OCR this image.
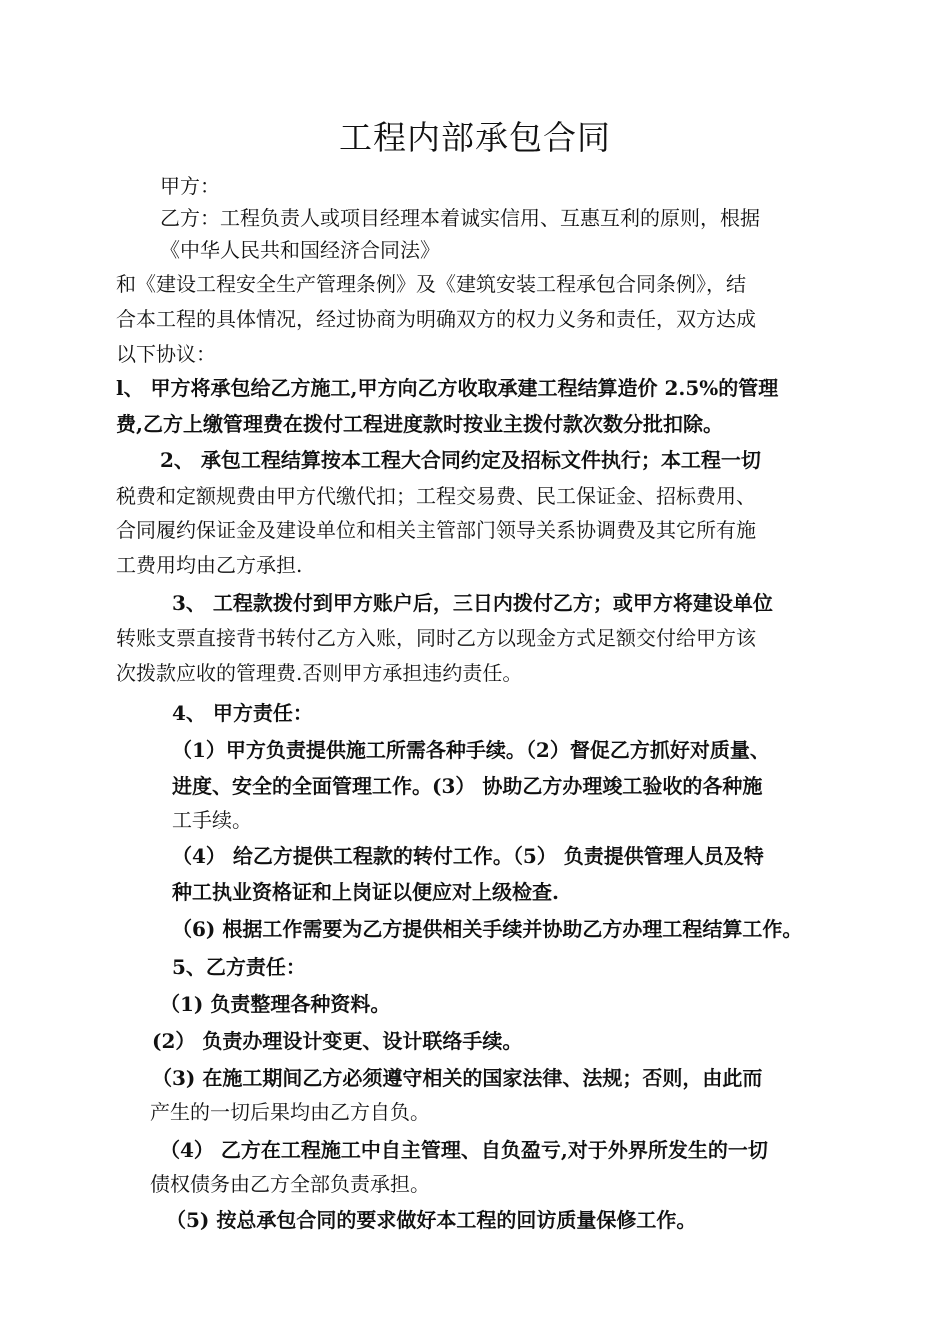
工程内部承包合同
甲方：
乙方：工程负责人或项目经理本着诚实信用、互惠互利的原则，根据
《中华人民共和国经济合同法》
和《建设工程安全生产管理条例》及《建筑安装工程承包合同条例》，结
合本工程的具体情况，经过协商为明确双方的权力义务和责任，双方达成
以下协议：
l、 甲方将承包给乙方施工,甲方向乙方收取承建工程结算造价 2.5%的管理
费,乙方上缴管理费在拨付工程进度款时按业主拨付款次数分批扣除。
2、 承包工程结算按本工程大合同约定及招标文件执行；本工程一切
税费和定额规费由甲方代缴代扣；工程交易费、民工保证金、招标费用、
合同履约保证金及建设单位和相关主管部门领导关系协调费及其它所有施
工费用均由乙方承担.
3、 工程款拨付到甲方账户后，三日内拨付乙方；或甲方将建设单位
转账支票直接背书转付乙方入账，同时乙方以现金方式足额交付给甲方该
次拨款应收的管理费.否则甲方承担违约责任。
4、 甲方责任：
（1）甲方负责提供施工所需各种手续。（2）督促乙方抓好对质量、
进度、安全的全面管理工作。(3） 协助乙方办理竣工验收的各种施
工手续。
（4） 给乙方提供工程款的转付工作。（5） 负责提供管理人员及特
种工执业资格证和上岗证以便应对上级检查.
（6) 根据工作需要为乙方提供相关手续并协助乙方办理工程结算工作。
5、乙方责任：
（1) 负责整理各种资料。
(2） 负责办理设计变更、设计联络手续。
（3) 在施工期间乙方必须遵守相关的国家法律、法规；否则，由此而
产生的一切后果均由乙方自负。
（4） 乙方在工程施工中自主管理、自负盈亏,对于外界所发生的一切
债权债务由乙方全部负责承担。
（5) 按总承包合同的要求做好本工程的回访质量保修工作。
